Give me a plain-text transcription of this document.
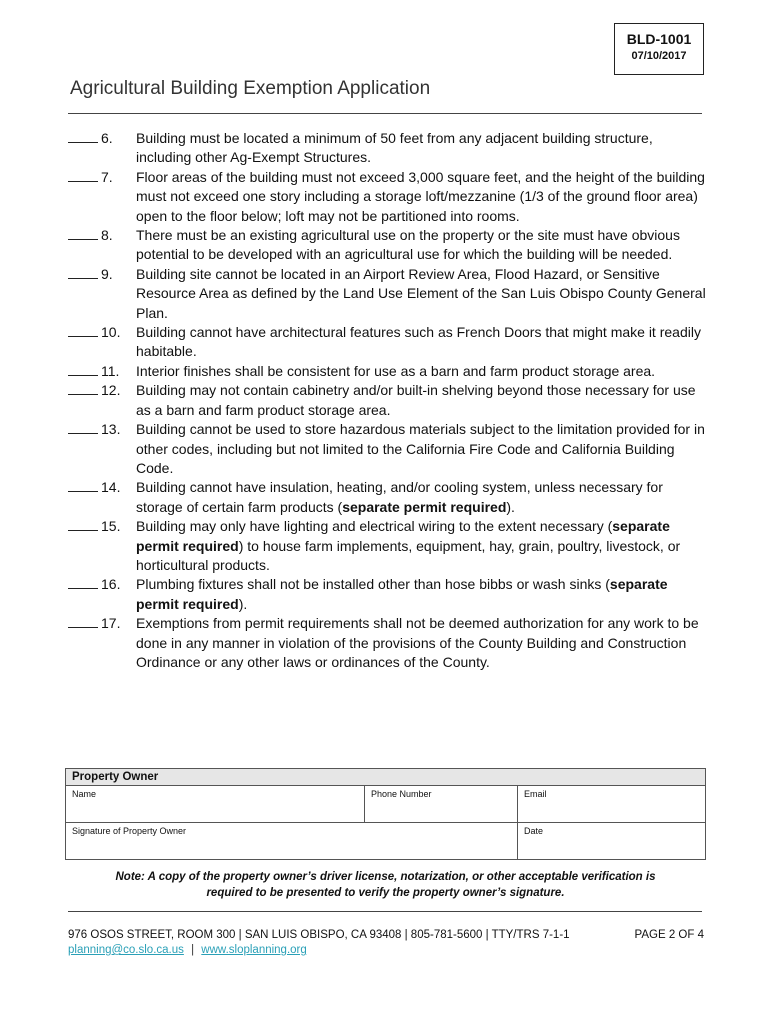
BLD-1001
07/10/2017
Agricultural Building Exemption Application
6.	Building must be located a minimum of 50 feet from any adjacent building structure, including other Ag-Exempt Structures.
7.	Floor areas of the building must not exceed 3,000 square feet, and the height of the building must not exceed one story including a storage loft/mezzanine (1/3 of the ground floor area) open to the floor below; loft may not be partitioned into rooms.
8.	There must be an existing agricultural use on the property or the site must have obvious potential to be developed with an agricultural use for which the building will be needed.
9.	Building site cannot be located in an Airport Review Area, Flood Hazard, or Sensitive Resource Area as defined by the Land Use Element of the San Luis Obispo County General Plan.
10.	Building cannot have architectural features such as French Doors that might make it readily habitable.
11.	Interior finishes shall be consistent for use as a barn and farm product storage area.
12.	Building may not contain cabinetry and/or built-in shelving beyond those necessary for use as a barn and farm product storage area.
13.	Building cannot be used to store hazardous materials subject to the limitation provided for in other codes, including but not limited to the California Fire Code and California Building Code.
14.	Building cannot have insulation, heating, and/or cooling system, unless necessary for storage of certain farm products (separate permit required).
15.	Building may only have lighting and electrical wiring to the extent necessary (separate permit required) to house farm implements, equipment, hay, grain, poultry, livestock, or horticultural products.
16.	Plumbing fixtures shall not be installed other than hose bibbs or wash sinks (separate permit required).
17.	Exemptions from permit requirements shall not be deemed authorization for any work to be done in any manner in violation of the provisions of the County Building and Construction Ordinance or any other laws or ordinances of the County.
Property Owner		
Name	Phone Number	Email
Signature of Property Owner		Date
Note: A copy of the property owner’s driver license, notarization, or other acceptable verification is
required to be presented to verify the property owner’s signature.
976 OSOS STREET, ROOM 300 | SAN LUIS OBISPO, CA 93408 | 805-781-5600 | TTY/TRS 7-1-1
planning@co.slo.ca.us | www.sloplanning.org
PAGE 2 OF 4
